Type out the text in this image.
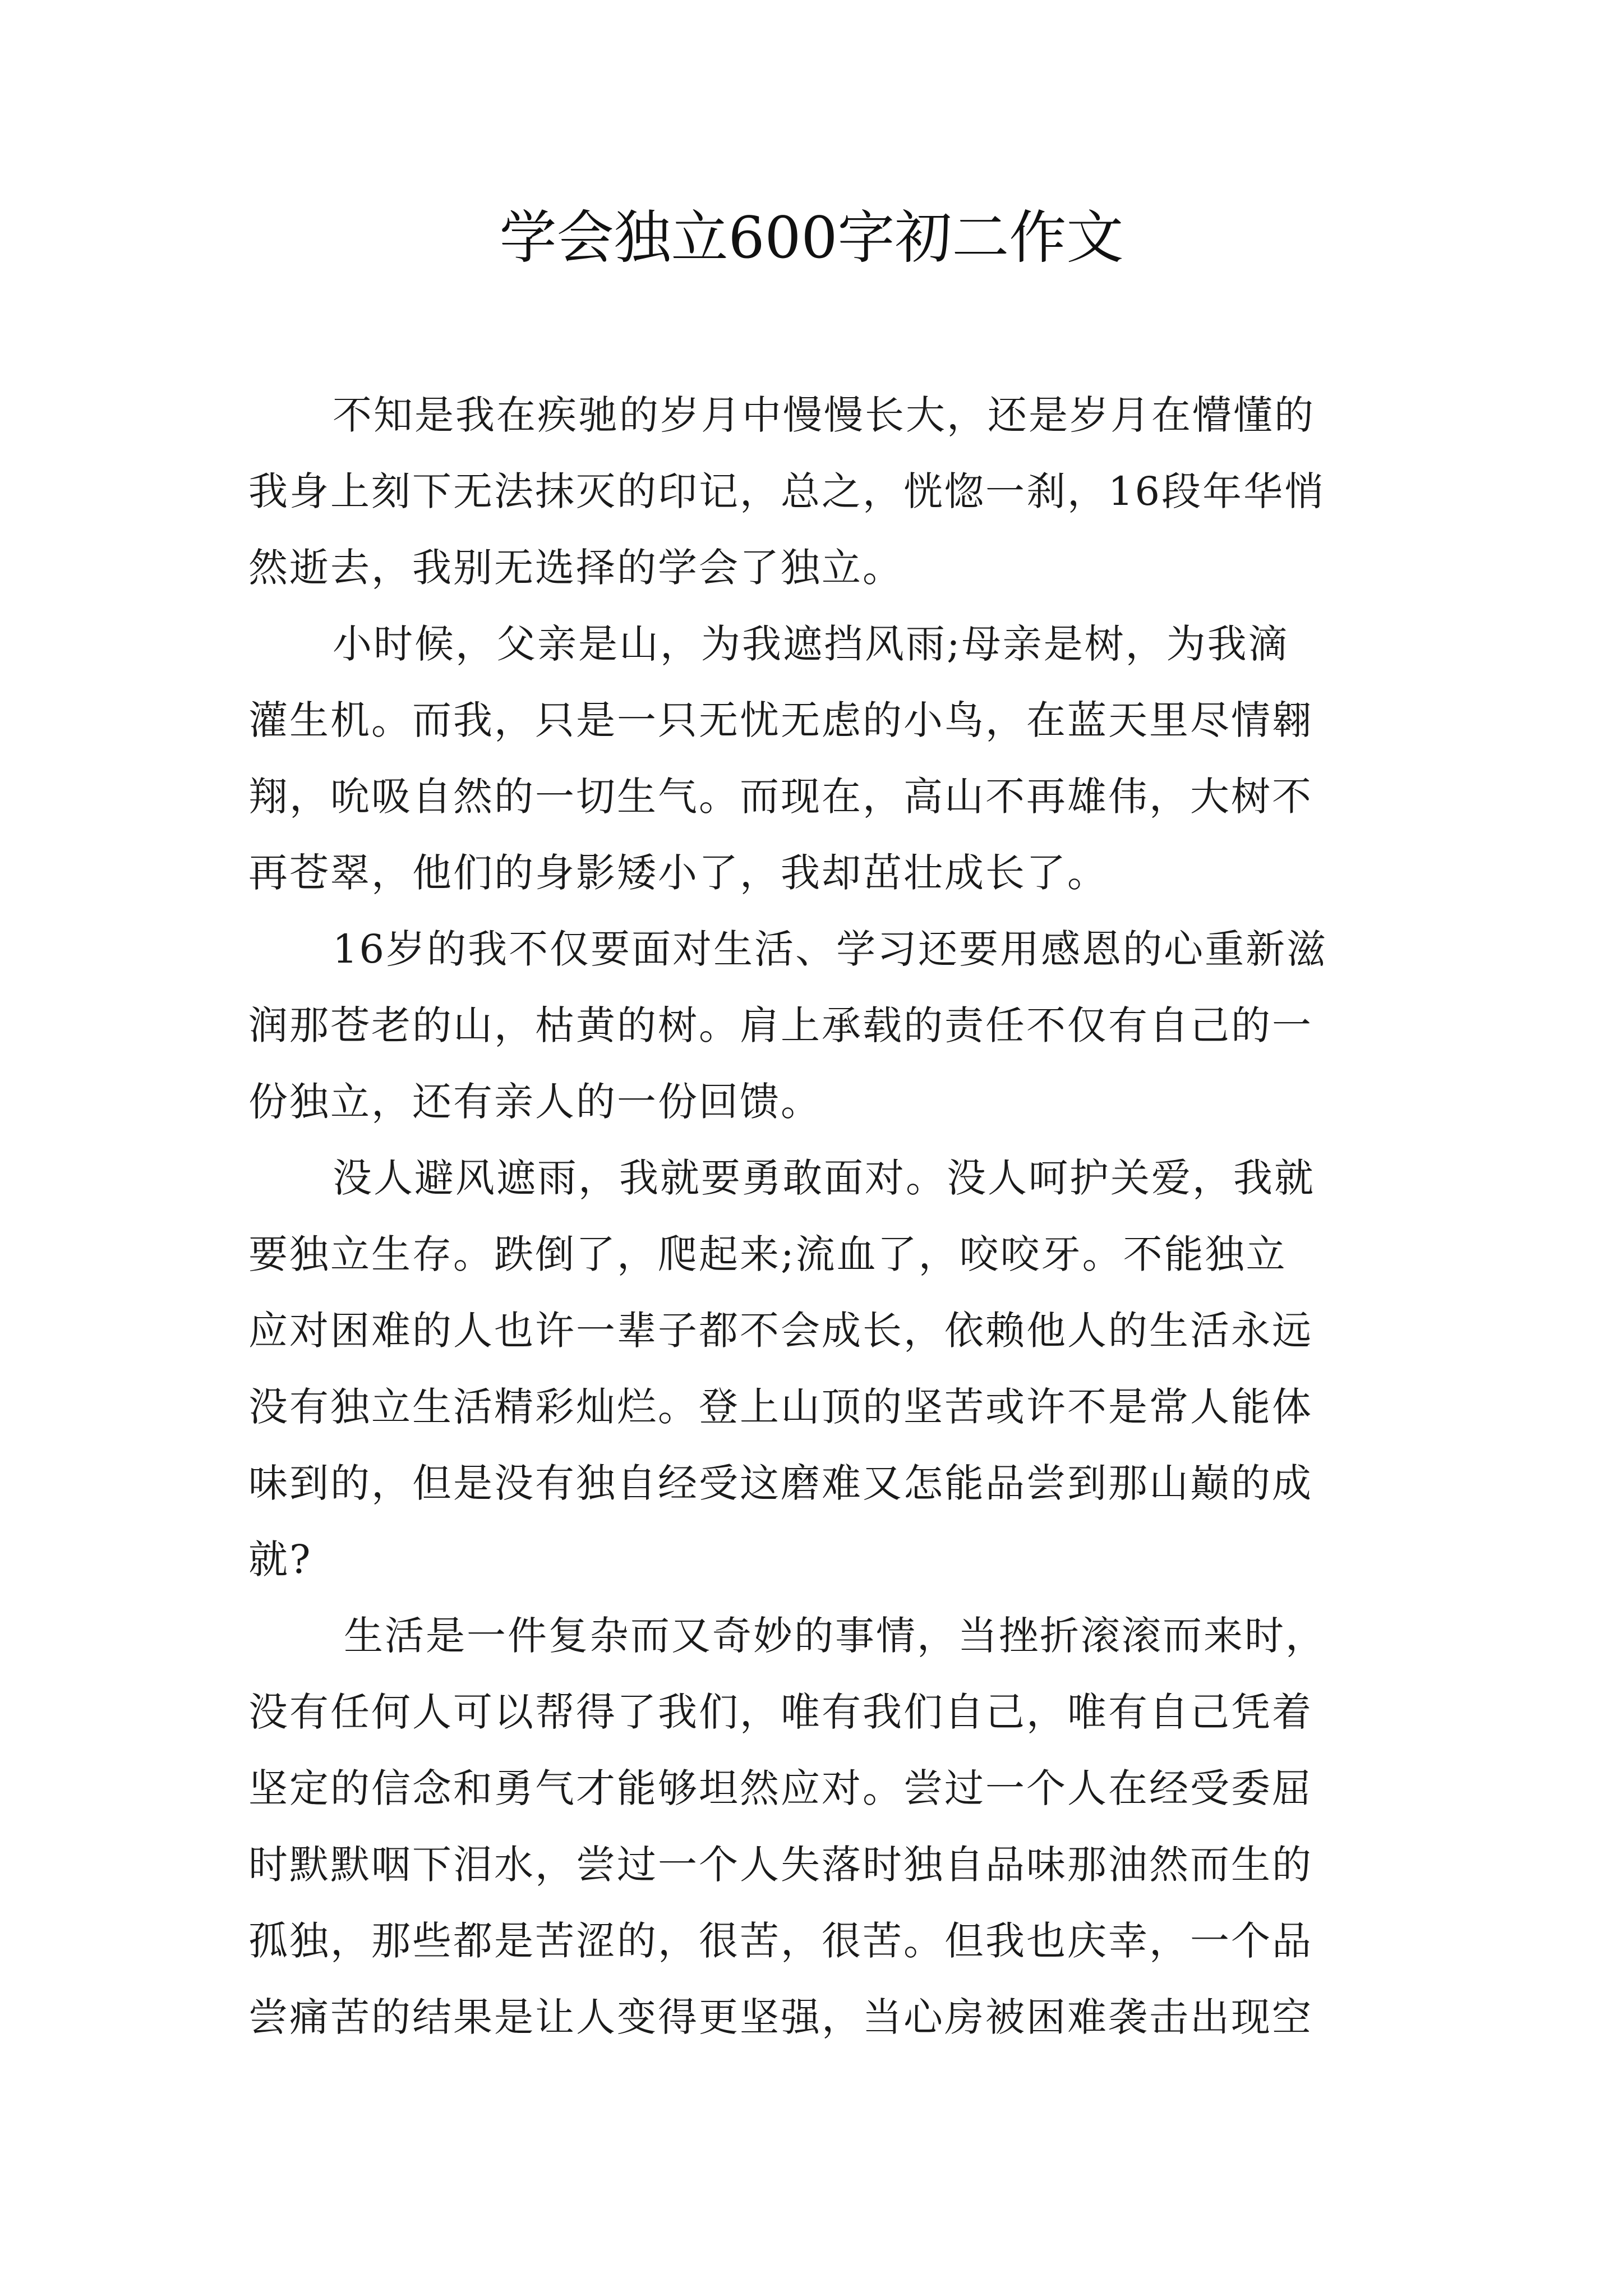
学会独立600字初二作文
不知是我在疾驰的岁月中慢慢长大，还是岁月在懵懂的
我身上刻下无法抹灭的印记，总之，恍惚一刹，16段年华悄
然逝去，我别无选择的学会了独立。
小时候，父亲是山，为我遮挡风雨;母亲是树，为我滴
灌生机。而我，只是一只无忧无虑的小鸟，在蓝天里尽情翱
翔，吮吸自然的一切生气。而现在，高山不再雄伟，大树不
再苍翠，他们的身影矮小了，我却茁壮成长了。
16岁的我不仅要面对生活、学习还要用感恩的心重新滋
润那苍老的山，枯黄的树。肩上承载的责任不仅有自己的一
份独立，还有亲人的一份回馈。
没人避风遮雨，我就要勇敢面对。没人呵护关爱，我就
要独立生存。跌倒了，爬起来;流血了，咬咬牙。不能独立
应对困难的人也许一辈子都不会成长，依赖他人的生活永远
没有独立生活精彩灿烂。登上山顶的坚苦或许不是常人能体
味到的，但是没有独自经受这磨难又怎能品尝到那山巅的成
就?
生活是一件复杂而又奇妙的事情，当挫折滚滚而来时，
没有任何人可以帮得了我们，唯有我们自己，唯有自己凭着
坚定的信念和勇气才能够坦然应对。尝过一个人在经受委屈
时默默咽下泪水，尝过一个人失落时独自品味那油然而生的
孤独，那些都是苦涩的，很苦，很苦。但我也庆幸，一个品
尝痛苦的结果是让人变得更坚强，当心房被困难袭击出现空
